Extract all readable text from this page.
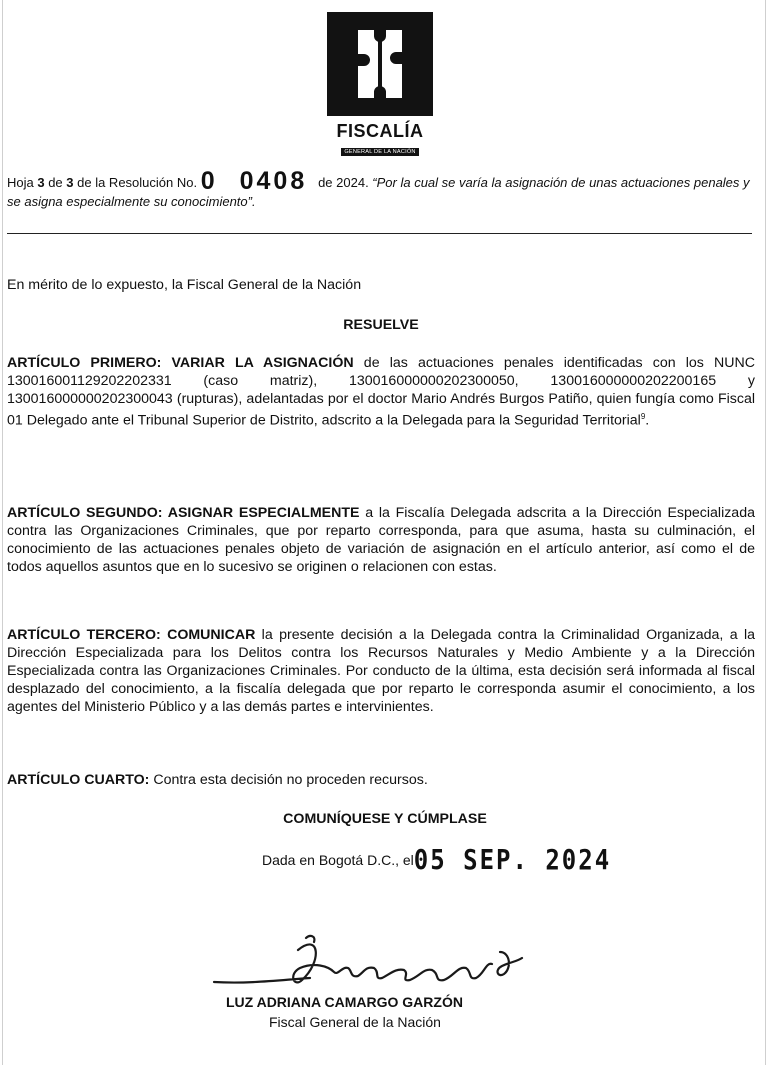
FISCALÍA
GENERAL DE LA NACIÓN
Hoja 3 de 3 de la Resolución No. 0 0408 de 2024. “Por la cual se varía la asignación de unas actuaciones penales y se asigna especialmente su conocimiento”.
En mérito de lo expuesto, la Fiscal General de la Nación
RESUELVE
ARTÍCULO PRIMERO: VARIAR LA ASIGNACIÓN de las actuaciones penales identificadas con los NUNC 130016001129202202331 (caso matriz), 130016000000202300050, 130016000000202200165 y 130016000000202300043 (rupturas), adelantadas por el doctor Mario Andrés Burgos Patiño, quien fungía como Fiscal 01 Delegado ante el Tribunal Superior de Distrito, adscrito a la Delegada para la Seguridad Territorial$^9$.
ARTÍCULO SEGUNDO: ASIGNAR ESPECIALMENTE a la Fiscalía Delegada adscrita a la Dirección Especializada contra las Organizaciones Criminales, que por reparto corresponda, para que asuma, hasta su culminación, el conocimiento de las actuaciones penales objeto de variación de asignación en el artículo anterior, así como el de todos aquellos asuntos que en lo sucesivo se originen o relacionen con estas.
ARTÍCULO TERCERO: COMUNICAR la presente decisión a la Delegada contra la Criminalidad Organizada, a la Dirección Especializada para los Delitos contra los Recursos Naturales y Medio Ambiente y a la Dirección Especializada contra las Organizaciones Criminales. Por conducto de la última, esta decisión será informada al fiscal desplazado del conocimiento, a la fiscalía delegada que por reparto le corresponda asumir el conocimiento, a los agentes del Ministerio Público y a las demás partes e intervinientes.
ARTÍCULO CUARTO: Contra esta decisión no proceden recursos.
COMUNÍQUESE Y CÚMPLASE
Dada en Bogotá D.C., el05 SEP. 2024
LUZ ADRIANA CAMARGO GARZÓN
Fiscal General de la Nación
